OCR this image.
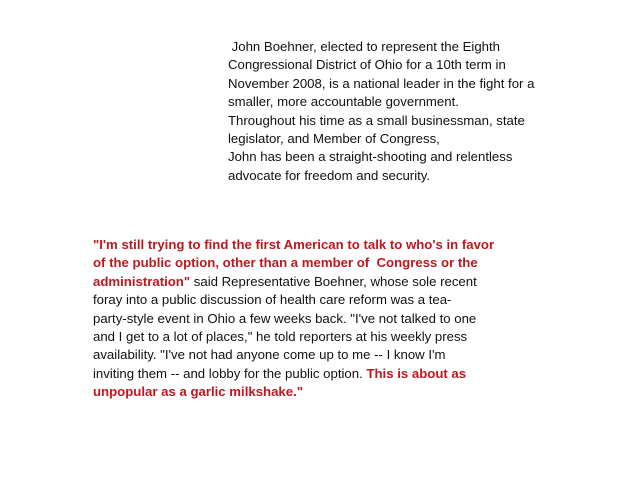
John Boehner, elected to represent the Eighth
Congressional District of Ohio for a 10th term in
November 2008, is a national leader in the fight for a
smaller, more accountable government.
Throughout his time as a small businessman, state
legislator, and Member of Congress,
John has been a straight-shooting and relentless
advocate for freedom and security.
"I'm still trying to find the first American to talk to who's in favor
of the public option, other than a member of  Congress or the
administration" said Representative Boehner, whose sole recent
foray into a public discussion of health care reform was a tea-
party-style event in Ohio a few weeks back. "I've not talked to one
and I get to a lot of places," he told reporters at his weekly press
availability. "I've not had anyone come up to me -- I know I'm
inviting them -- and lobby for the public option. This is about as
unpopular as a garlic milkshake."
